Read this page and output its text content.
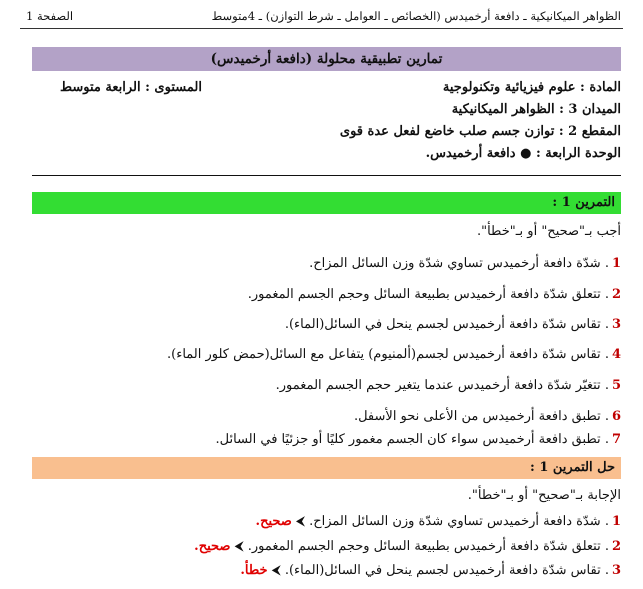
الظواهر الميكانيكية ـ دافعة أرخميدس (الخصائص ـ العوامل ـ شرط التوازن) ـ 4متوسط
الصفحة 1
تمارين تطبيقية محلولة (دافعة أرخميدس)
المادة : علوم فيزيائية وتكنولوجية
المستوى : الرابعة متوسط
الميدان 3 : الظواهر الميكانيكية
المقطع 2 : توازن جسم صلب خاضع لفعل عدة قوى
الوحدة الرابعة : ● دافعة أرخميدس.
التمرين 1 :
أجب بـ"صحيح" أو بـ"خطأ".
1. شدّة دافعة أرخميدس تساوي شدّة وزن السائل المزاح.
2. تتعلق شدّة دافعة أرخميدس بطبيعة السائل وحجم الجسم المغمور.
3. تقاس شدّة دافعة أرخميدس لجسم ينحل في السائل(الماء).
4. تقاس شدّة دافعة أرخميدس لجسم(ألمنيوم) يتفاعل مع السائل(حمض كلور الماء).
5. تتغيّر شدّة دافعة أرخميدس عندما يتغير حجم الجسم المغمور.
6. تطبق دافعة أرخميدس من الأعلى نحو الأسفل.
7. تطبق دافعة أرخميدس سواء كان الجسم مغمور كليًا أو جزئيًا في السائل.
حل التمرين 1 :
الإجابة بـ"صحيح" أو بـ"خطأ".
1. شدّة دافعة أرخميدس تساوي شدّة وزن السائل المزاح.⮜صحيح.
2. تتعلق شدّة دافعة أرخميدس بطبيعة السائل وحجم الجسم المغمور.⮜صحيح.
3. تقاس شدّة دافعة أرخميدس لجسم ينحل في السائل(الماء).⮜خطأ.
